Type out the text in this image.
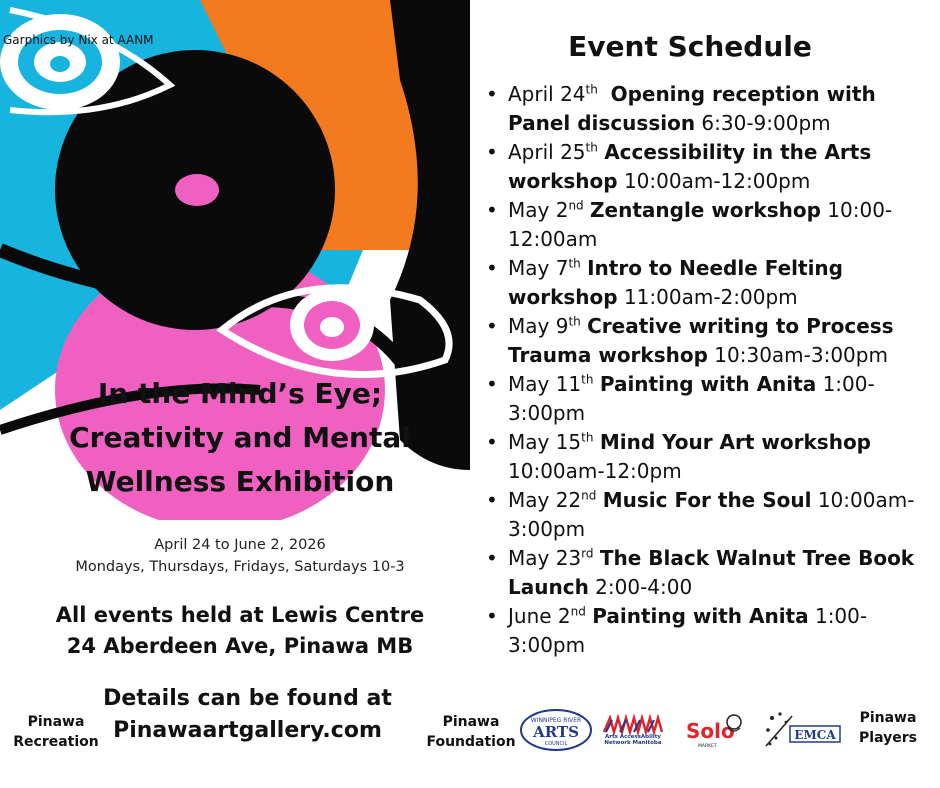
Garphics by Nix at AANM
In the Mind’s Eye;
Creativity and Mental
Wellness Exhibition
April 24 to June 2, 2026
Mondays, Thursdays, Fridays, Saturdays 10-3
All events held at Lewis Centre
24 Aberdeen Ave, Pinawa MB
Details can be found at
Pinawaartgallery.com
Pinawa
Recreation
Pinawa
Foundation
Pinawa
Players
WINNIPEG RIVER
ARTS
COUNCIL
Arts AccessAbility
Network Manitoba Solo
MARKET
EMCA
Event Schedule
• April 24th Opening reception with Panel discussion 6:30-9:00pm
• April 25th Accessibility in the Arts workshop 10:00am-12:00pm
• May 2nd Zentangle workshop 10:00-12:00am
• May 7th Intro to Needle Felting workshop 11:00am-2:00pm
• May 9th Creative writing to Process Trauma workshop 10:30am-3:00pm
• May 11th Painting with Anita 1:00-3:00pm
• May 15th Mind Your Art workshop 10:00am-12:0pm
• May 22nd Music For the Soul 10:00am-3:00pm
• May 23rd The Black Walnut Tree Book Launch 2:00-4:00
• June 2nd Painting with Anita 1:00-3:00pm
